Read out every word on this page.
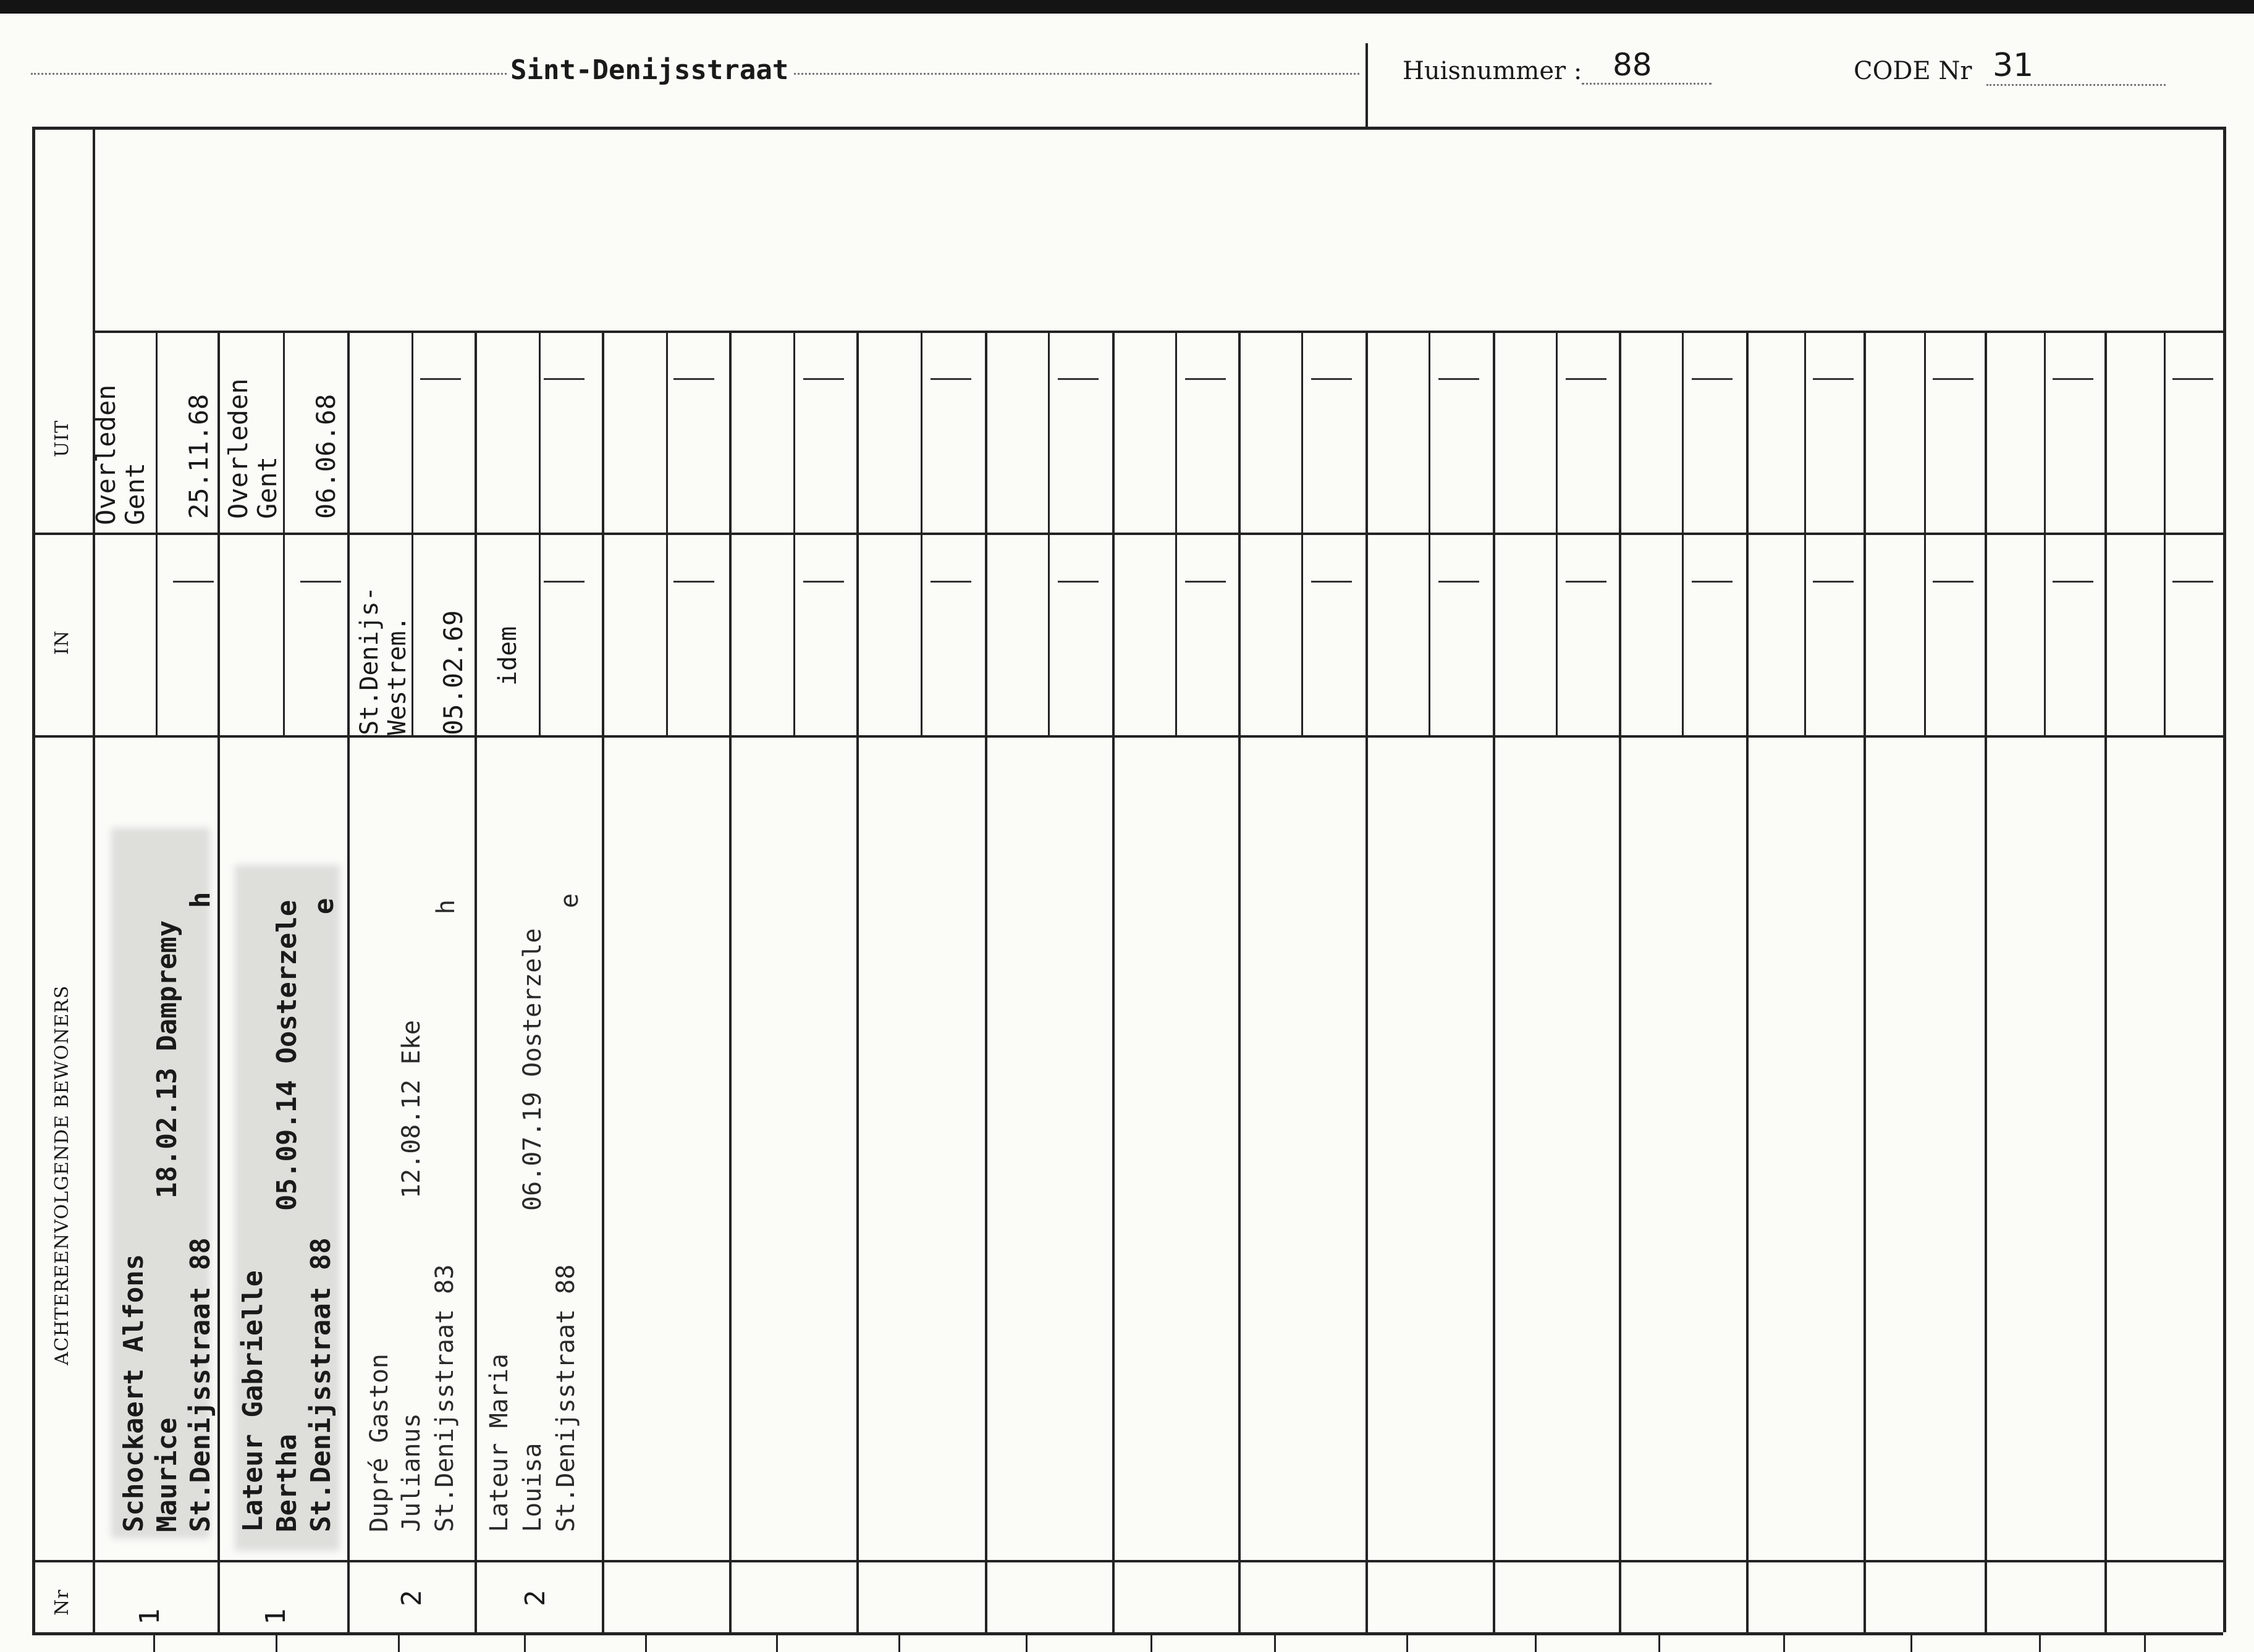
Sint-Denijsstraat	Huisnummer : 88	CODE Nr 31
UIT
IN
ACHTEREENVOLGENDE BEWONERS
Nr
Overleden
Gent 25.11.68
Schockaert Alfons Maurice St.Denijsstraat 88
18.02.13 Dampremy
h
1
Overleden
Gent 06.06.68
Lateur Gabrielle Bertha St.Denijsstraat 88
05.09.14 Oosterzele e
1
St.Denijs-
Westrem. 05.02.69
Dupré Gaston Julianus St.Denijsstraat 83
12.08.12 Eke
h
2
idem
Lateur Maria Louisa St.Denijsstraat 88
06.07.19 Oosterzele
e
2
